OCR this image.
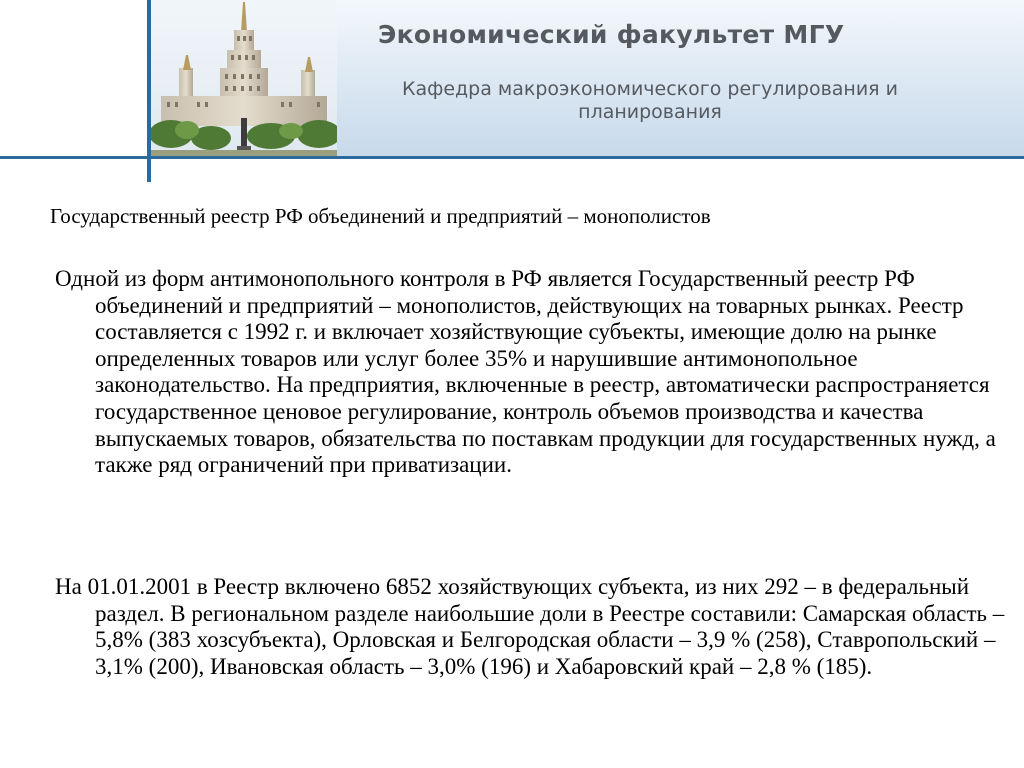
Экономический факультет МГУ
Кафедра макроэкономического регулирования и планирования
Государственный реестр РФ объединений и предприятий – монополистов

Одной из форм антимонопольного контроля в РФ является Государственный реестр РФ объединений и предприятий – монополистов, действующих на товарных рынках. Реестр составляется с 1992 г. и включает хозяйствующие субъекты, имеющие долю на рынке определенных товаров или услуг более 35% и нарушившие антимонопольное законодательство. На предприятия, включенные в реестр, автоматически распространяется государственное ценовое регулирование, контроль объемов производства и качества выпускаемых товаров, обязательства по поставкам продукции для государственных нужд, а также ряд ограничений при приватизации.

На 01.01.2001 в Реестр включено 6852 хозяйствующих субъекта, из них 292 – в федеральный раздел. В региональном разделе наибольшие доли в Реестре составили: Самарская область – 5,8% (383 хозсубъекта), Орловская и Белгородская области – 3,9 % (258), Ставропольский – 3,1% (200), Ивановская область – 3,0% (196) и Хабаровский край – 2,8 % (185).
